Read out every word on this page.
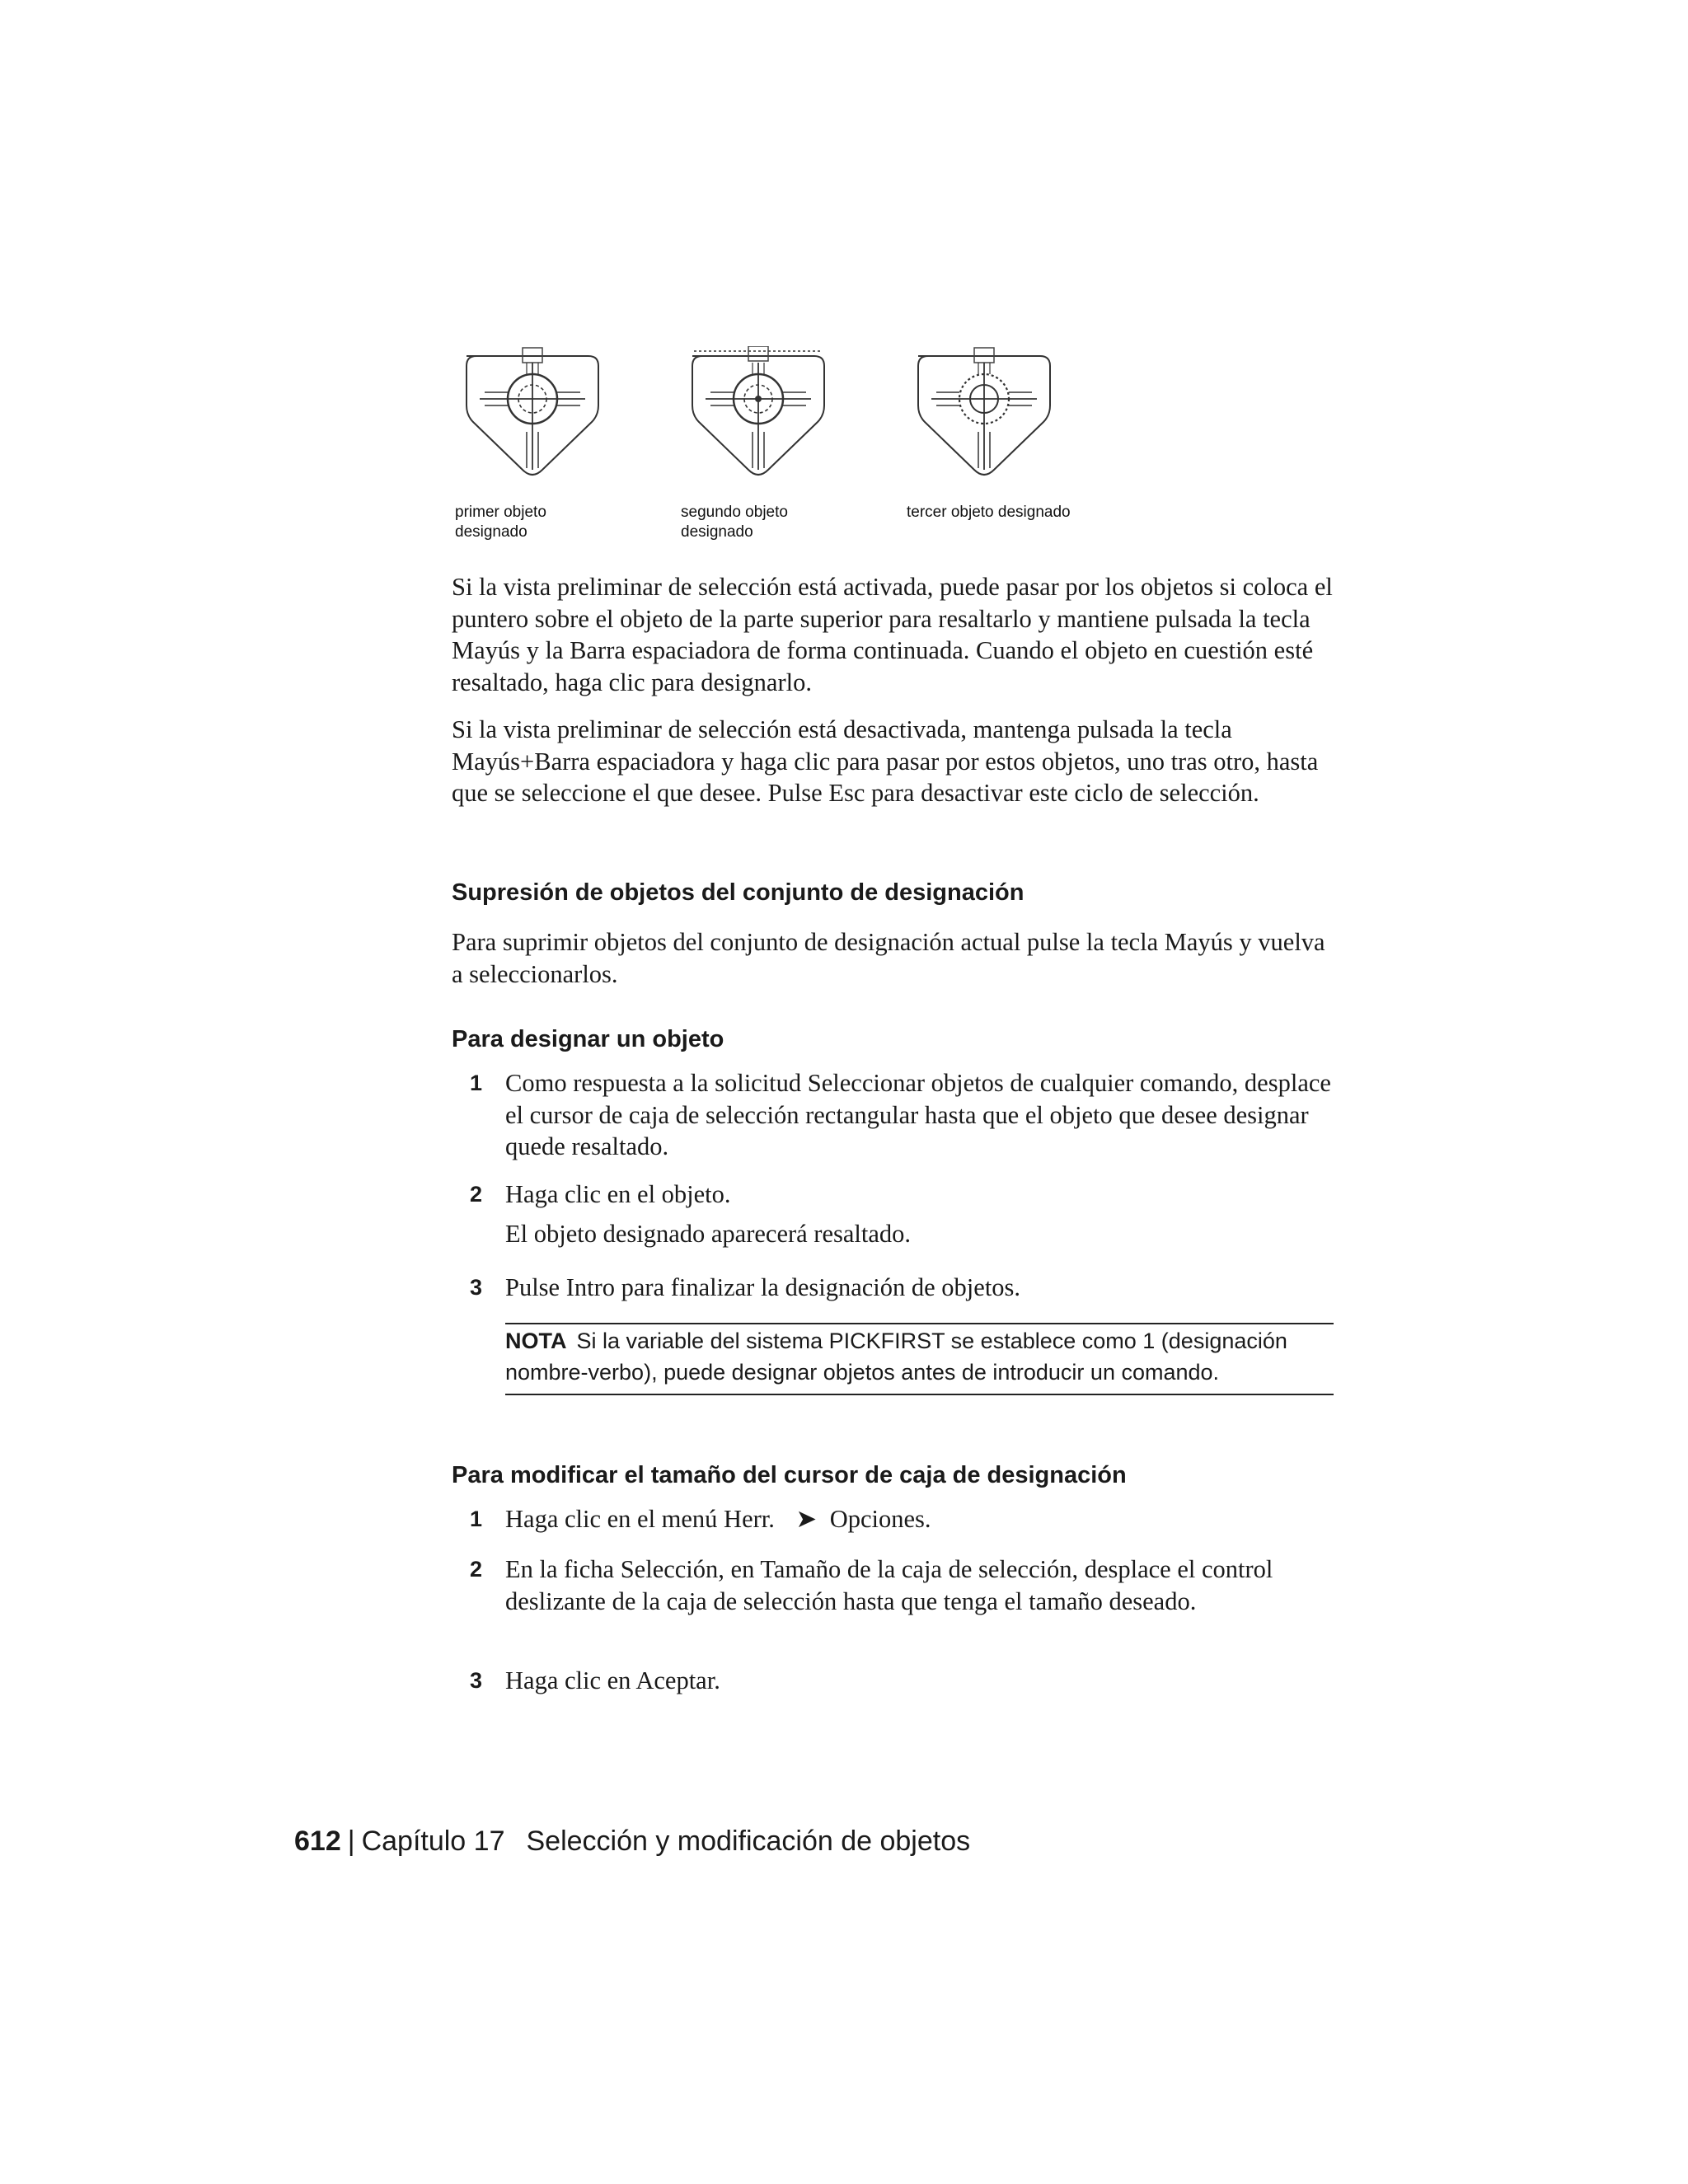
primer objeto
designado
segundo objeto
designado
tercer objeto designado

Si la vista preliminar de selección está activada, puede pasar por los objetos si coloca el puntero sobre el objeto de la parte superior para resaltarlo y mantiene pulsada la tecla Mayús y la Barra espaciadora de forma continuada. Cuando el objeto en cuestión esté resaltado, haga clic para designarlo.

Si la vista preliminar de selección está desactivada, mantenga pulsada la tecla Mayús+Barra espaciadora y haga clic para pasar por estos objetos, uno tras otro, hasta que se seleccione el que desee. Pulse Esc para desactivar este ciclo de selección.

Supresión de objetos del conjunto de designación

Para suprimir objetos del conjunto de designación actual pulse la tecla Mayús y vuelva a seleccionarlos.

Para designar un objeto
1 Como respuesta a la solicitud Seleccionar objetos de cualquier comando, desplace el cursor de caja de selección rectangular hasta que el objeto que desee designar quede resaltado.
2 Haga clic en el objeto.
El objeto designado aparecerá resaltado.
3 Pulse Intro para finalizar la designación de objetos.
NOTA Si la variable del sistema PICKFIRST se establece como 1 (designación nombre-verbo), puede designar objetos antes de introducir un comando.
Para modificar el tamaño del cursor de caja de designación
1 Haga clic en el menú Herr. ➤ Opciones.
2 En la ficha Selección, en Tamaño de la caja de selección, desplace el control deslizante de la caja de selección hasta que tenga el tamaño deseado.
3 Haga clic en Aceptar.
612 | Capítulo 17 Selección y modificación de objetos
